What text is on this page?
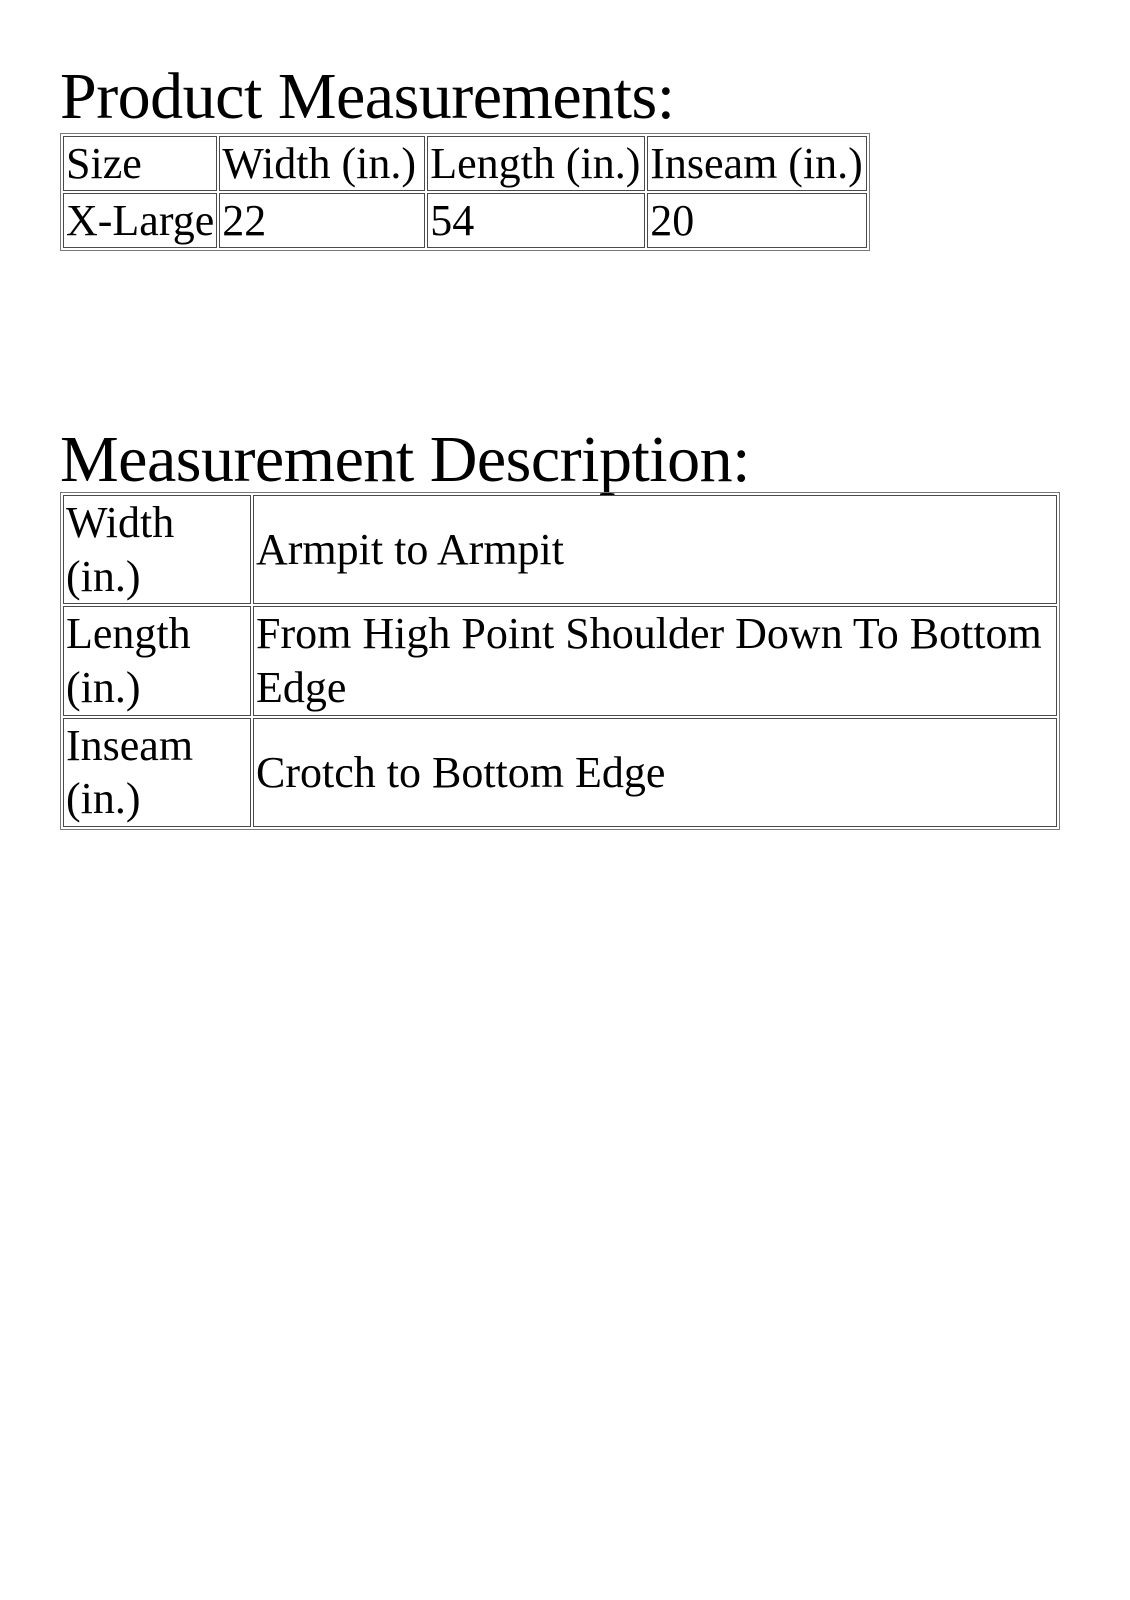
Product Measurements:
Size	Width (in.)	Length (in.)	Inseam (in.)
X-Large	22	54	20
Measurement Description:
Width (in.)	Armpit to Armpit
Length (in.)	From High Point Shoulder Down To Bottom Edge
Inseam (in.)	Crotch to Bottom Edge
